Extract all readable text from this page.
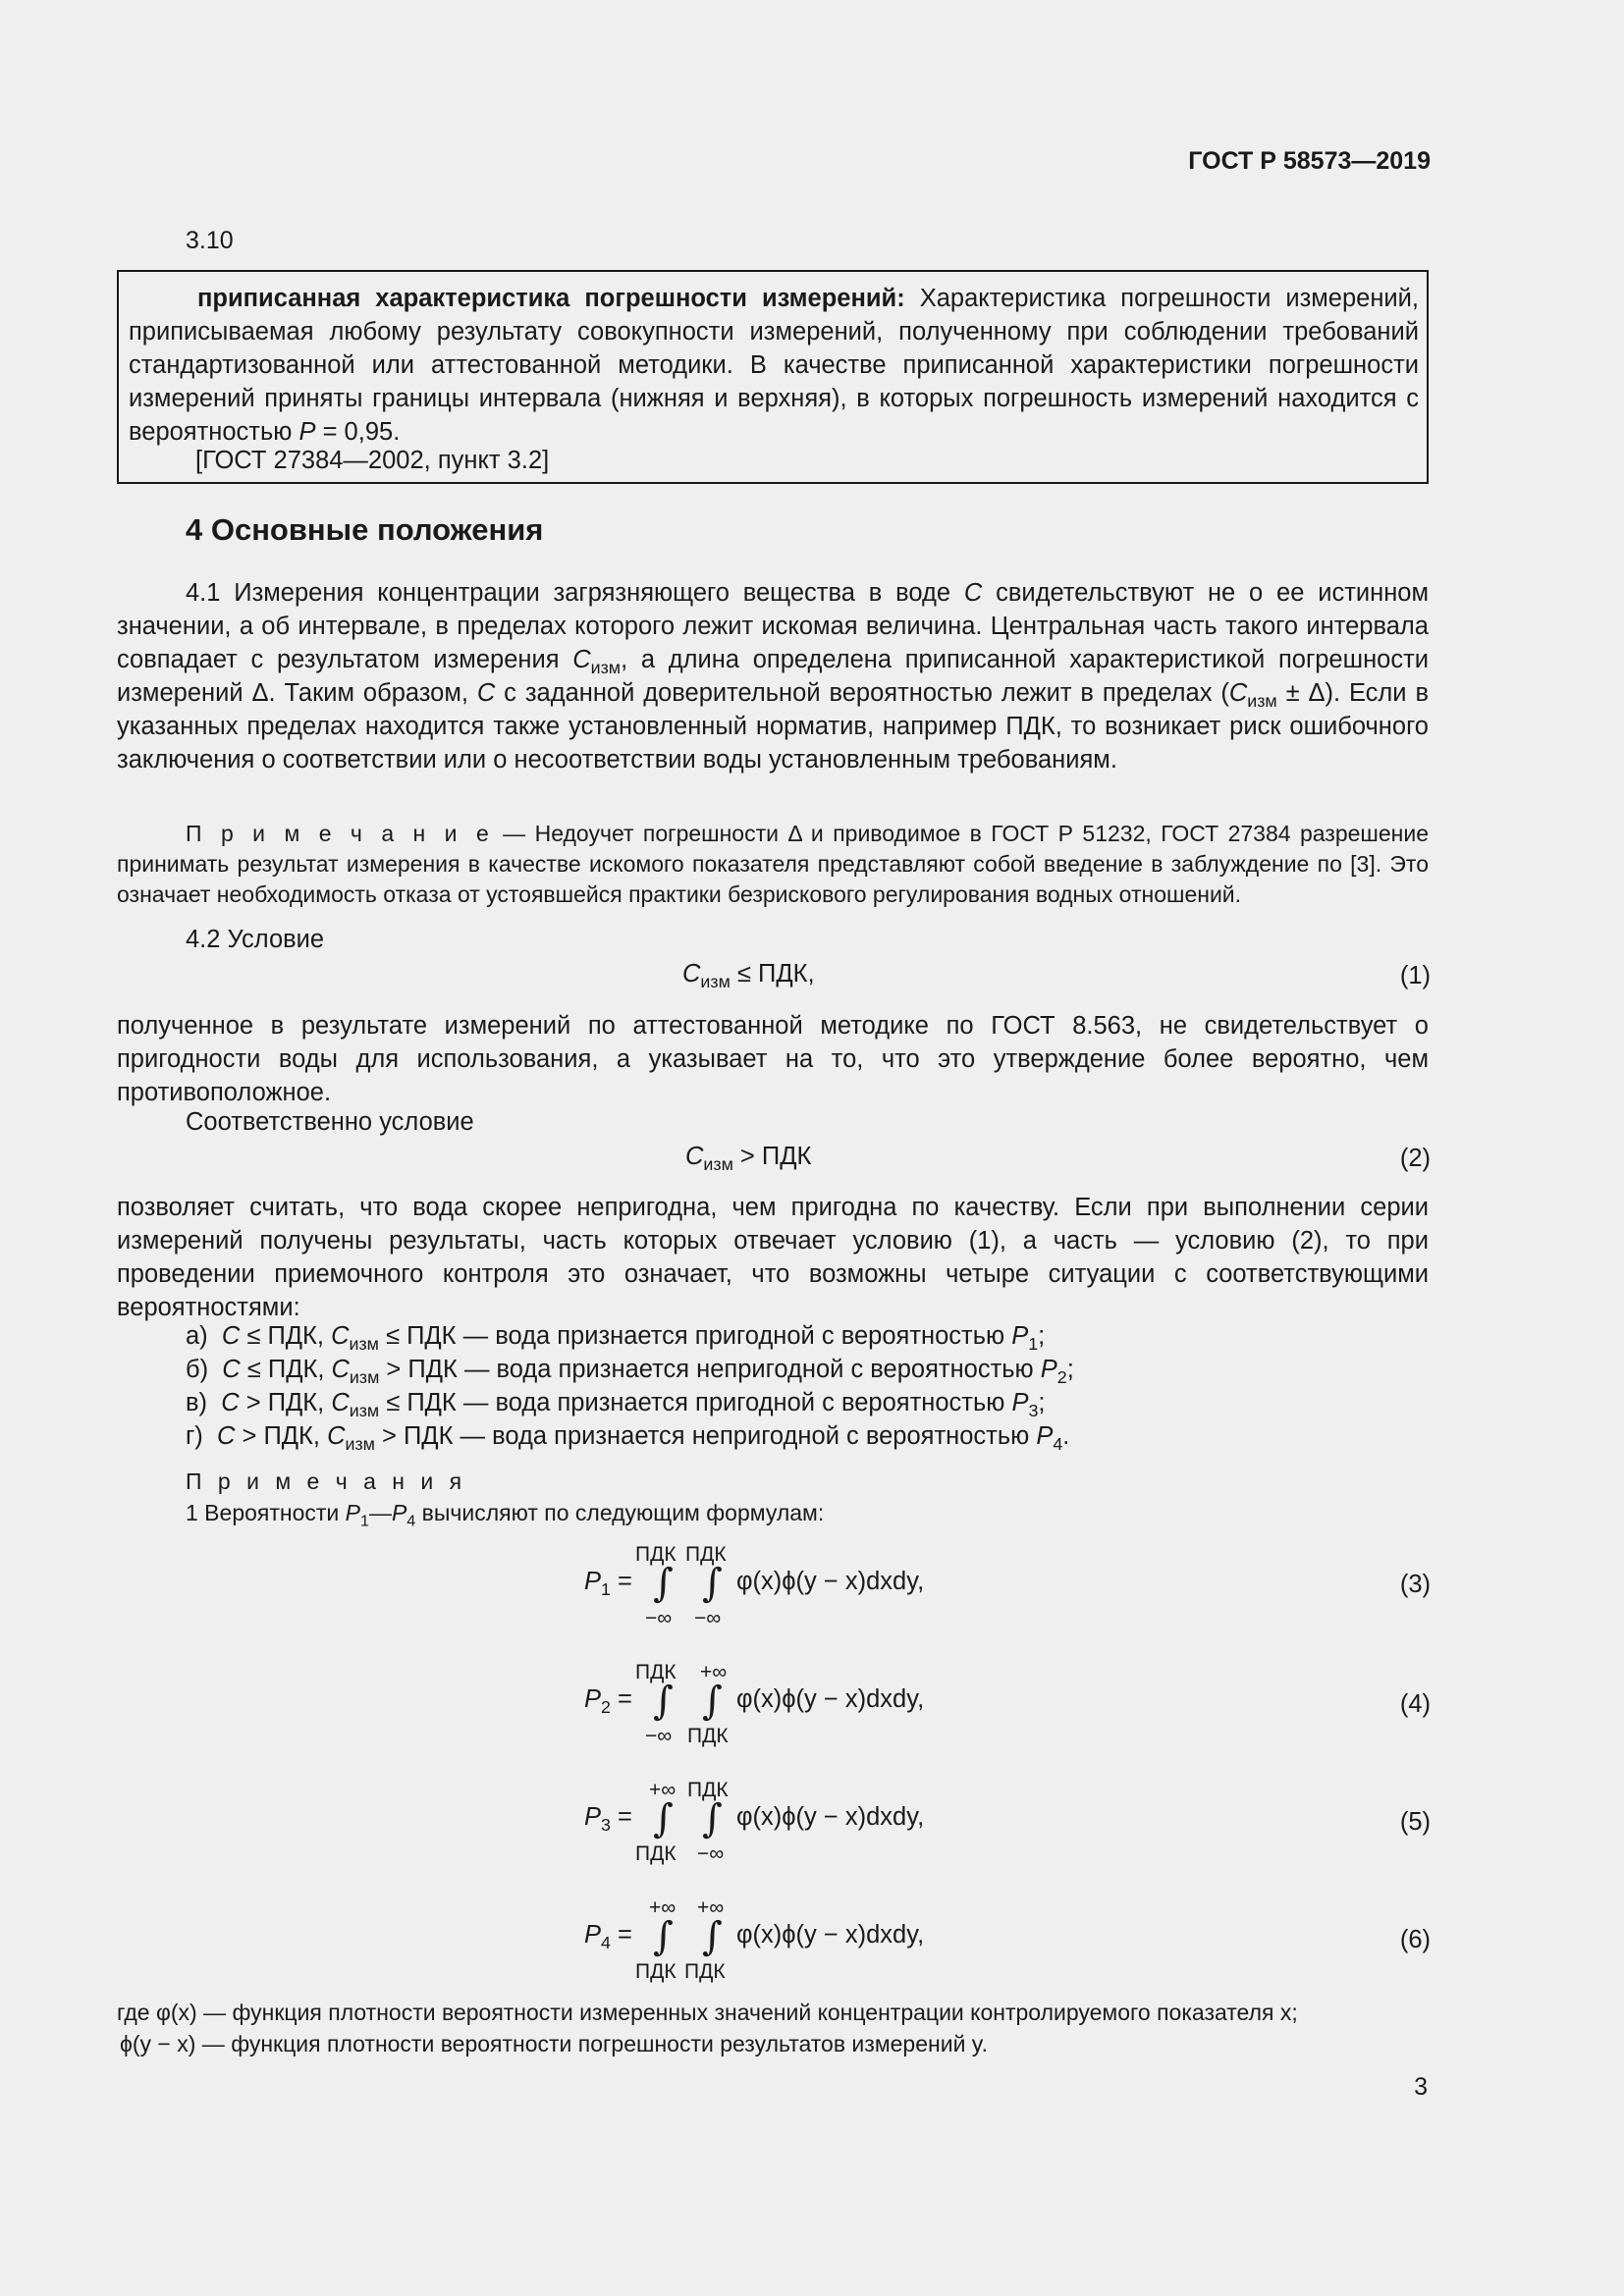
ГОСТ Р 58573—2019
3.10
приписанная характеристика погрешности измерений: Характеристика погрешности измерений, приписываемая любому результату совокупности измерений, полученному при соблюдении требований стандартизованной или аттестованной методики. В качестве приписанной характеристики погрешности измерений приняты границы интервала (нижняя и верхняя), в которых погрешность измерений находится с вероятностью P = 0,95.
[ГОСТ 27384—2002, пункт 3.2]
4 Основные положения
4.1 Измерения концентрации загрязняющего вещества в воде C свидетельствуют не о ее истинном значении, а об интервале, в пределах которого лежит искомая величина. Центральная часть такого интервала совпадает с результатом измерения $C_{изм}$, а длина определена приписанной характеристикой погрешности измерений Δ. Таким образом, C с заданной доверительной вероятностью лежит в пределах $(C_{изм} \pm \Delta)$. Если в указанных пределах находится также установленный норматив, например ПДК, то возникает риск ошибочного заключения о соответствии или о несоответствии воды установленным требованиям.
П р и м е ч а н и е — Недоучет погрешности Δ и приводимое в ГОСТ Р 51232, ГОСТ 27384 разрешение принимать результат измерения в качестве искомого показателя представляют собой введение в заблуждение по [3]. Это означает необходимость отказа от устоявшейся практики безрискового регулирования водных отношений.
4.2 Условие
$C_{изм}$ ≤ ПДК,	(1)
полученное в результате измерений по аттестованной методике по ГОСТ 8.563, не свидетельствует о пригодности воды для использования, а указывает на то, что это утверждение более вероятно, чем противоположное.
Соответственно условие
$C_{изм}$ > ПДК	(2)
позволяет считать, что вода скорее непригодна, чем пригодна по качеству. Если при выполнении серии измерений получены результаты, часть которых отвечает условию (1), а часть — условию (2), то при проведении приемочного контроля это означает, что возможны четыре ситуации с соответствующими вероятностями:
а) C ≤ ПДК, $C_{изм}$ ≤ ПДК — вода признается пригодной с вероятностью $P_1$;
б) C ≤ ПДК, $C_{изм}$ > ПДК — вода признается непригодной с вероятностью $P_2$;
в) C > ПДК, $C_{изм}$ ≤ ПДК — вода признается пригодной с вероятностью $P_3$;
г) C > ПДК, $C_{изм}$ > ПДК — вода признается непригодной с вероятностью $P_4$.
П р и м е ч а н и я
1 Вероятности $P_1—P_4$ вычисляют по следующим формулам:
$P_1$ =
ПДК
∫
−∞
ПДК
∫
−∞
φ(x)ϕ(y − x)dxdy,	(3)
$P_2$ =
ПДК
∫
−∞
+∞
∫
ПДК
φ(x)ϕ(y − x)dxdy,	(4)
$P_3$ =
+∞
∫
ПДК
ПДК
∫
−∞
φ(x)ϕ(y − x)dxdy,	(5)
$P_4$ =
+∞
∫
ПДК
+∞
∫
ПДК
φ(x)ϕ(y − x)dxdy,	(6)
где φ(x) — функция плотности вероятности измеренных значений концентрации контролируемого показателя x;
ϕ(y − x) — функция плотности вероятности погрешности результатов измерений y.
3
